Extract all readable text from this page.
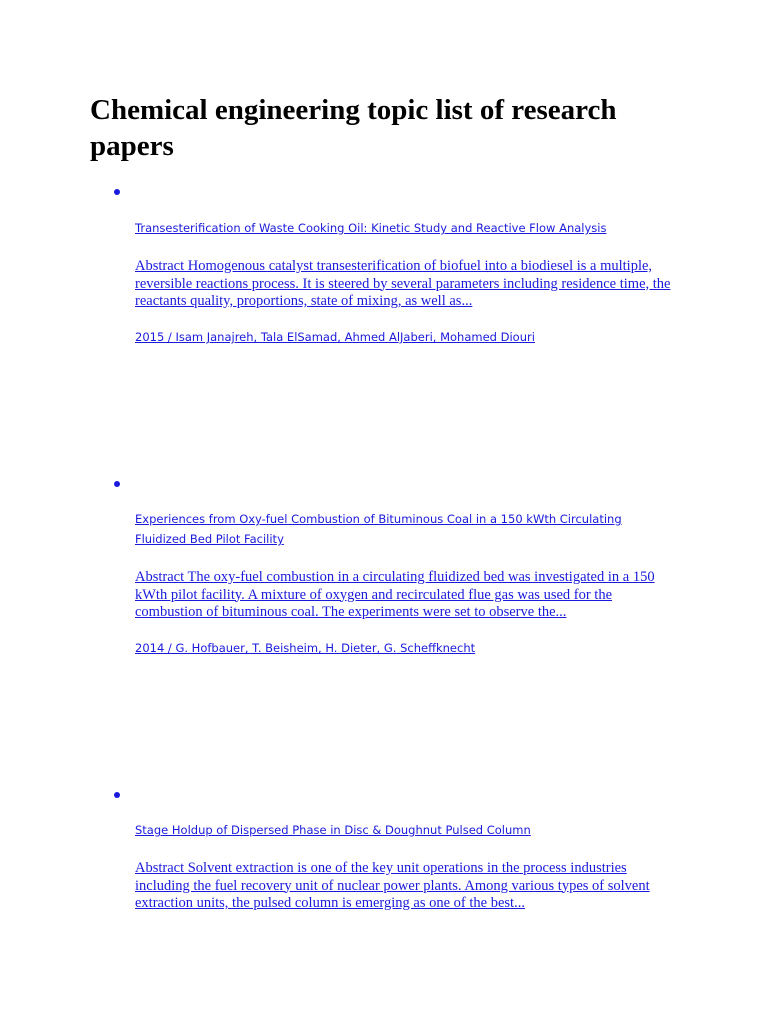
Chemical engineering topic list of research papers
Transesterification of Waste Cooking Oil: Kinetic Study and Reactive Flow Analysis
Abstract Homogenous catalyst transesterification of biofuel into a biodiesel is a multiple, reversible reactions process. It is steered by several parameters including residence time, the reactants quality, proportions, state of mixing, as well as...
2015 / Isam Janajreh, Tala ElSamad, Ahmed AlJaberi, Mohamed Diouri
Experiences from Oxy-fuel Combustion of Bituminous Coal in a 150 kWth Circulating Fluidized Bed Pilot Facility
Abstract The oxy-fuel combustion in a circulating fluidized bed was investigated in a 150 kWth pilot facility. A mixture of oxygen and recirculated flue gas was used for the combustion of bituminous coal. The experiments were set to observe the...
2014 / G. Hofbauer, T. Beisheim, H. Dieter, G. Scheffknecht
Stage Holdup of Dispersed Phase in Disc & Doughnut Pulsed Column
Abstract Solvent extraction is one of the key unit operations in the process industries including the fuel recovery unit of nuclear power plants. Among various types of solvent extraction units, the pulsed column is emerging as one of the best...
